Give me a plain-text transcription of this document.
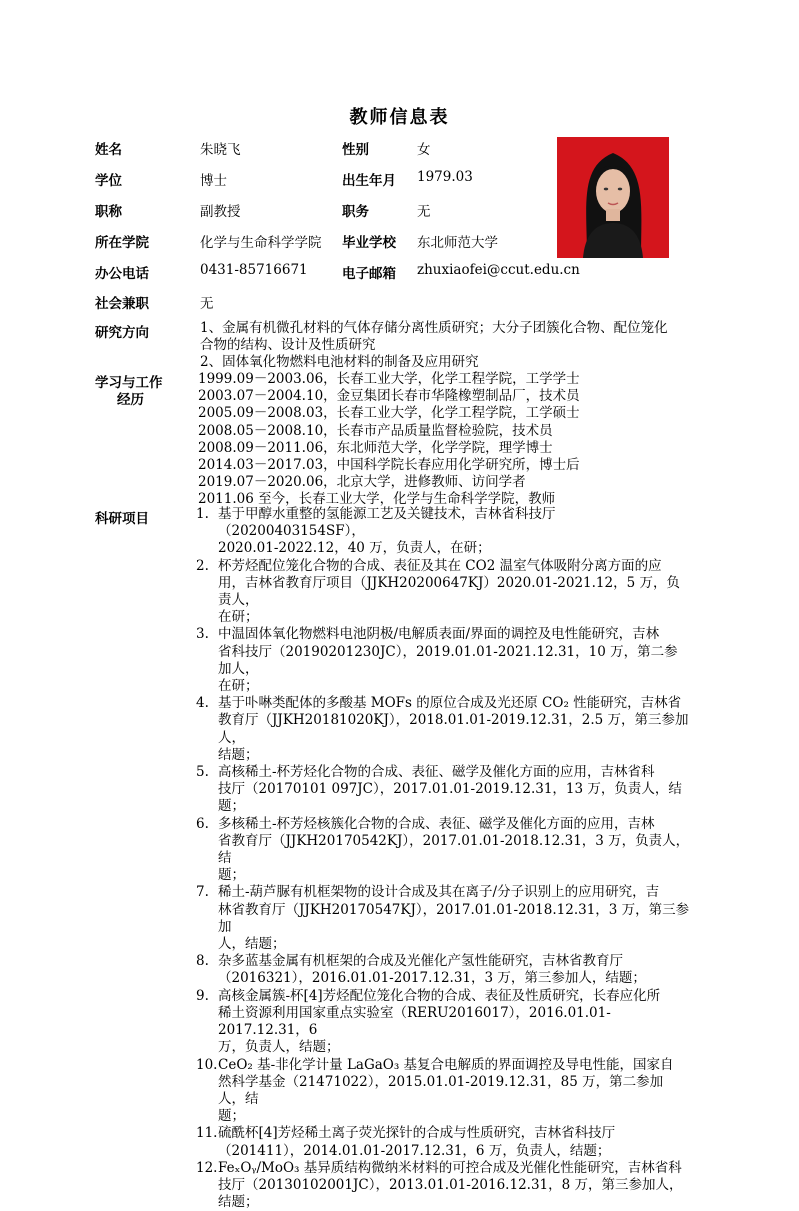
教师信息表
姓名	朱晓飞	性别	女
学位	博士	出生年月 1979.03
职称	副教授	职务	无
所在学院	化学与生命科学学院 毕业学校 东北师范大学
办公电话	0431-85716671	电子邮箱 zhuxiaofei@ccut.edu.cn
社会兼职	无
研究方向	1、金属有机微孔材料的气体存储分离性质研究；大分子团簇化合物、配位笼化
合物的结构、设计及性质研究
2、固体氧化物燃料电池材料的制备及应用研究
学习与工作
经历
1999.09－2003.06，长春工业大学，化学工程学院，工学学士
2003.07－2004.10，金豆集团长春市华隆橡塑制品厂，技术员
2005.09－2008.03，长春工业大学，化学工程学院，工学硕士
2008.05－2008.10，长春市产品质量监督检验院，技术员
2008.09－2011.06，东北师范大学，化学学院，理学博士
2014.03－2017.03，中国科学院长春应用化学研究所，博士后
2019.07－2020.06，北京大学，进修教师、访问学者
2011.06 至今，长春工业大学，化学与生命科学学院，教师
科研项目	1. 基于甲醇水重整的氢能源工艺及关键技术，吉林省科技厅（20200403154SF），
2020.01-2022.12，40 万，负责人，在研；
2. 杯芳烃配位笼化合物的合成、表征及其在 CO2 温室气体吸附分离方面的应
用，吉林省教育厅项目（JJKH20200647KJ）2020.01-2021.12，5 万，负责人，
在研；
3. 中温固体氧化物燃料电池阴极/电解质表面/界面的调控及电性能研究，吉林
省科技厅（20190201230JC），2019.01.01-2021.12.31，10 万，第二参加人，
在研；
4. 基于卟啉类配体的多酸基 MOFs 的原位合成及光还原 CO₂ 性能研究，吉林省
教育厅（JJKH20181020KJ），2018.01.01-2019.12.31，2.5 万，第三参加人，
结题；
5. 高核稀土-杯芳烃化合物的合成、表征、磁学及催化方面的应用，吉林省科
技厅（20170101 097JC），2017.01.01-2019.12.31，13 万，负责人，结题；
6. 多核稀土-杯芳烃核簇化合物的合成、表征、磁学及催化方面的应用，吉林
省教育厅（JJKH20170542KJ），2017.01.01-2018.12.31，3 万，负责人，结
题；
7. 稀土-葫芦脲有机框架物的设计合成及其在离子/分子识别上的应用研究，吉
林省教育厅（JJKH20170547KJ），2017.01.01-2018.12.31，3 万，第三参加
人，结题；
8. 杂多蓝基金属有机框架的合成及光催化产氢性能研究，吉林省教育厅
（2016321），2016.01.01-2017.12.31，3 万，第三参加人，结题；
9. 高核金属簇-杯[4]芳烃配位笼化合物的合成、表征及性质研究，长春应化所
稀土资源利用国家重点实验室（RERU2016017），2016.01.01-2017.12.31，6
万，负责人，结题；
10. CeO₂ 基-非化学计量 LaGaO₃ 基复合电解质的界面调控及导电性能，国家自
然科学基金（21471022），2015.01.01-2019.12.31，85 万，第二参加人，结
题；
11. 硫酰杯[4]芳烃稀土离子荧光探针的合成与性质研究，吉林省科技厅
（201411），2014.01.01-2017.12.31，6 万，负责人，结题；
12. FeₓOᵧ/MoO₃ 基异质结构微纳米材料的可控合成及光催化性能研究，吉林省科
技厅（20130102001JC），2013.01.01-2016.12.31，8 万，第三参加人，结题；
